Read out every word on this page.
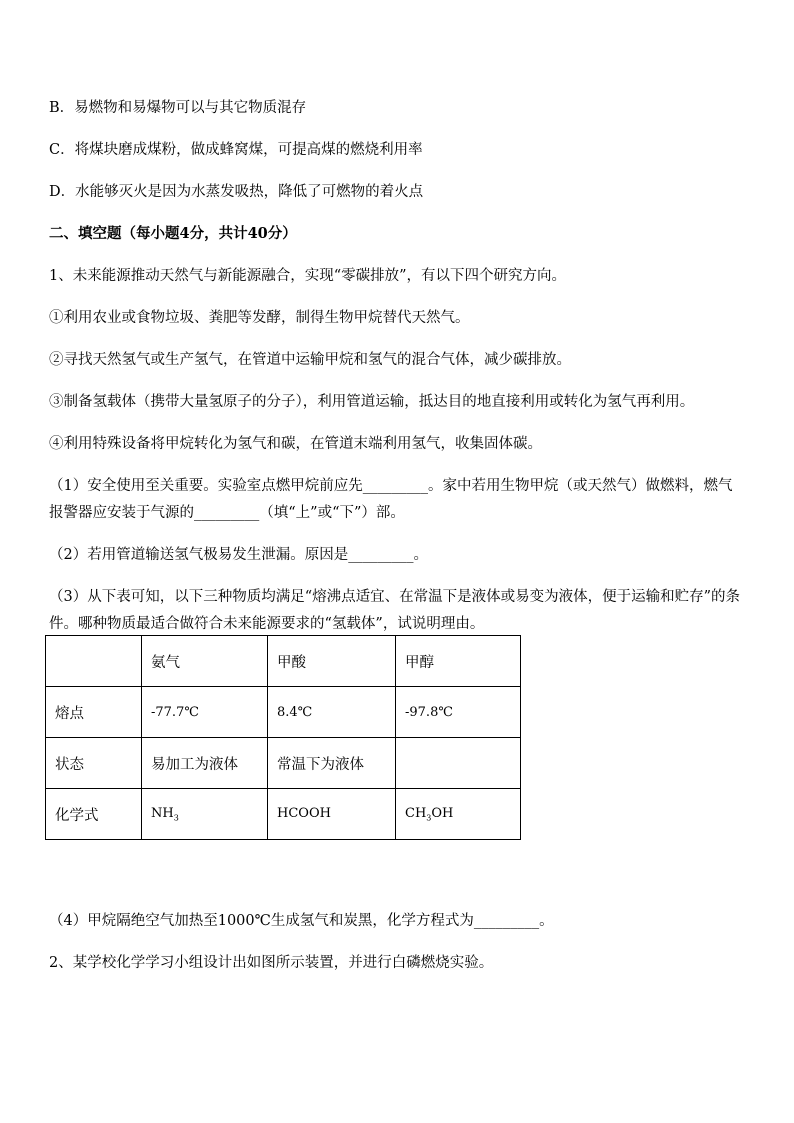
B．易燃物和易爆物可以与其它物质混存
C．将煤块磨成煤粉，做成蜂窝煤，可提高煤的燃烧利用率
D．水能够灭火是因为水蒸发吸热，降低了可燃物的着火点
二、填空题（每小题4分，共计40分）
1、未来能源推动天然气与新能源融合，实现“零碳排放”，有以下四个研究方向。
①利用农业或食物垃圾、粪肥等发酵，制得生物甲烷替代天然气。
②寻找天然氢气或生产氢气，在管道中运输甲烷和氢气的混合气体，减少碳排放。
③制备氢载体（携带大量氢原子的分子），利用管道运输，抵达目的地直接利用或转化为氢气再利用。
④利用特殊设备将甲烷转化为氢气和碳，在管道末端利用氢气，收集固体碳。
（1）安全使用至关重要。实验室点燃甲烷前应先_________。家中若用生物甲烷（或天然气）做燃料，燃气报警器应安装于气源的_________（填“上”或“下”）部。
（2）若用管道输送氢气极易发生泄漏。原因是_________。
（3）从下表可知，以下三种物质均满足“熔沸点适宜、在常温下是液体或易变为液体，便于运输和贮存”的条件。哪种物质最适合做符合未来能源要求的“氢载体”，试说明理由。
	氨气	甲酸	甲醇
熔点	-77.7℃	8.4℃	-97.8℃
状态	易加工为液体	常温下为液体	
化学式	$NH_3$	HCOOH	$CH_3OH$
（4）甲烷隔绝空气加热至1000℃生成氢气和炭黑，化学方程式为_________。
2、某学校化学学习小组设计出如图所示装置，并进行白磷燃烧实验。
